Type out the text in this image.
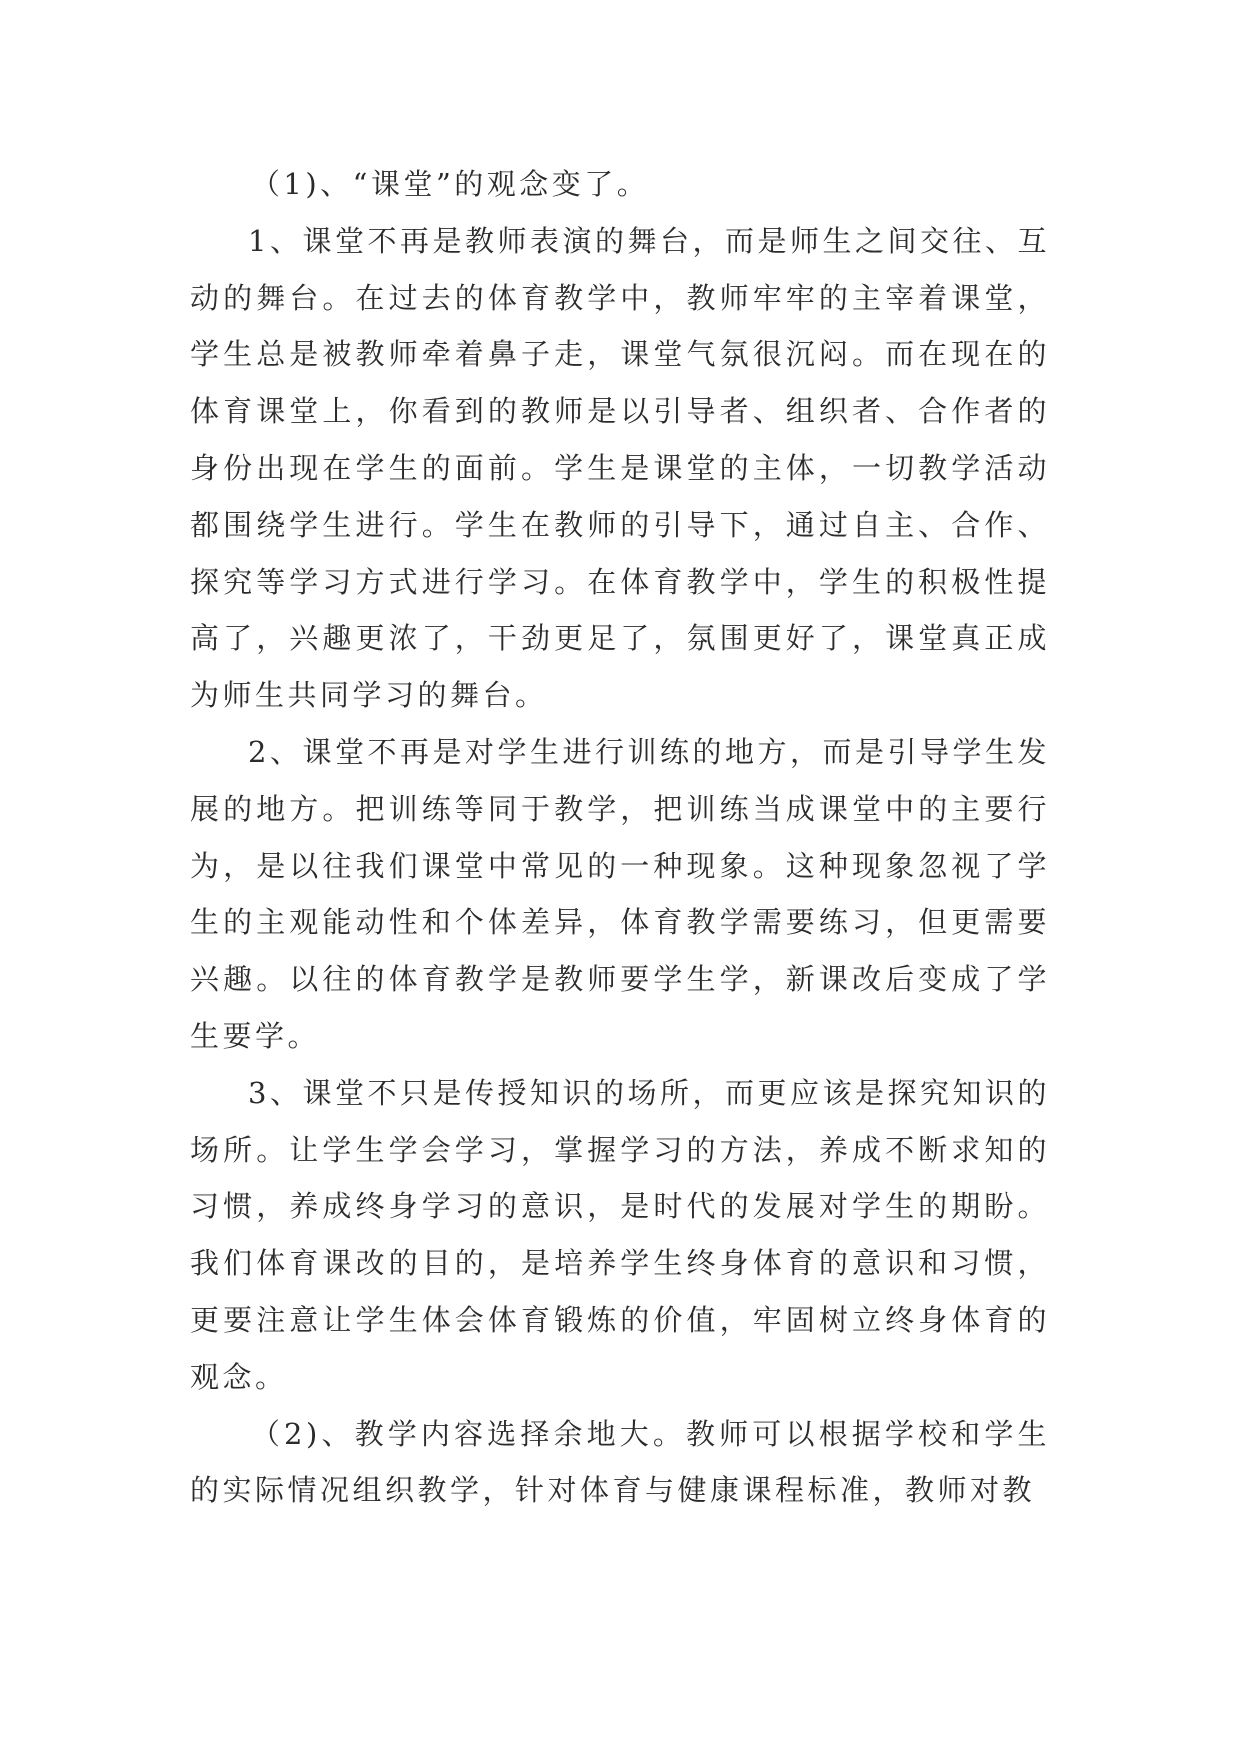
（1)、“课堂”的观念变了。

1、课堂不再是教师表演的舞台，而是师生之间交往、互动的舞台。在过去的体育教学中，教师牢牢的主宰着课堂，学生总是被教师牵着鼻子走，课堂气氛很沉闷。而在现在的体育课堂上，你看到的教师是以引导者、组织者、合作者的身份出现在学生的面前。学生是课堂的主体，一切教学活动都围绕学生进行。学生在教师的引导下，通过自主、合作、探究等学习方式进行学习。在体育教学中，学生的积极性提高了，兴趣更浓了，干劲更足了，氛围更好了，课堂真正成为师生共同学习的舞台。

2、课堂不再是对学生进行训练的地方，而是引导学生发展的地方。把训练等同于教学，把训练当成课堂中的主要行为，是以往我们课堂中常见的一种现象。这种现象忽视了学生的主观能动性和个体差异，体育教学需要练习，但更需要兴趣。以往的体育教学是教师要学生学，新课改后变成了学生要学。

3、课堂不只是传授知识的场所，而更应该是探究知识的场所。让学生学会学习，掌握学习的方法，养成不断求知的习惯，养成终身学习的意识，是时代的发展对学生的期盼。我们体育课改的目的，是培养学生终身体育的意识和习惯，更要注意让学生体会体育锻炼的价值，牢固树立终身体育的观念。

（2)、教学内容选择余地大。教师可以根据学校和学生的实际情况组织教学，针对体育与健康课程标准，教师对教
